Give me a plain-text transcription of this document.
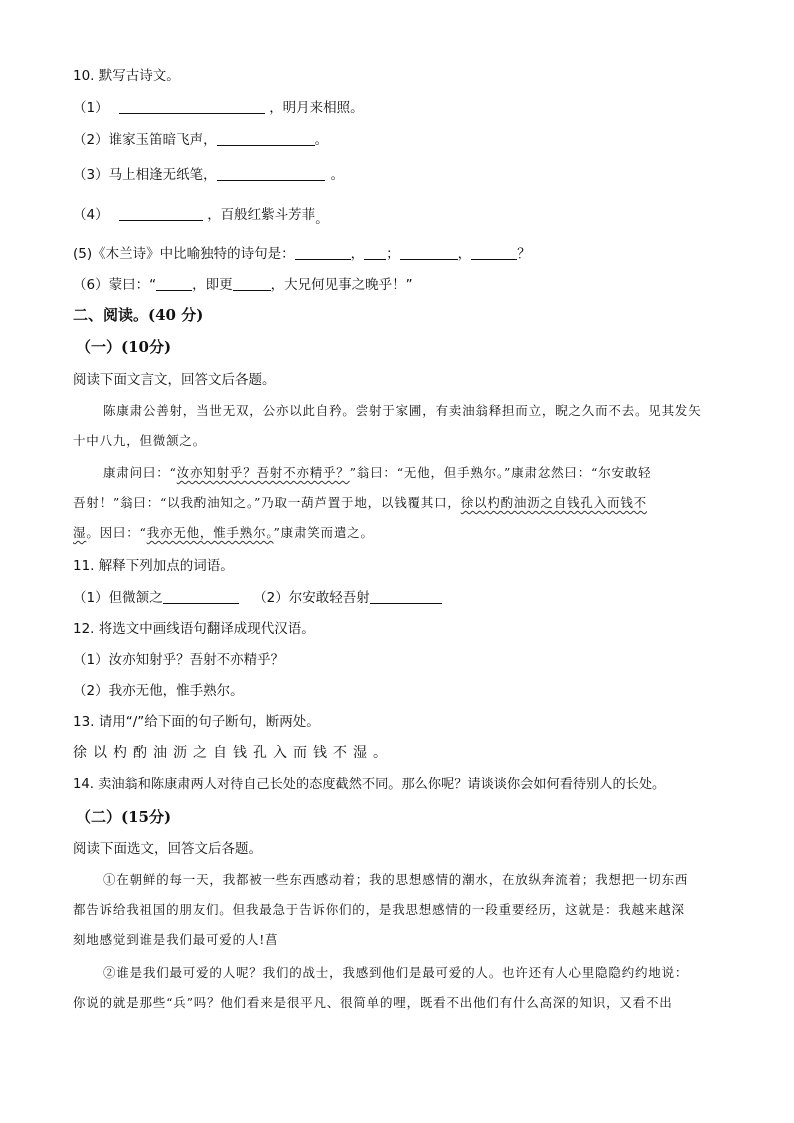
10. 默写古诗文。
（1）	，明月来相照。
（2）谁家玉笛暗飞声，	。
（3）马上相逢无纸笔，	。
（4）	，百般红紫斗芳菲。
(5)《木兰诗》中比喻独特的诗句是：	， ；	，	？
（6）蒙曰：“	，即更	，大兄何见事之晚乎！”
二、阅读。(40 分)
（一）(10分)
阅读下面文言文，回答文后各题。
陈康肃公善射，当世无双，公亦以此自矜。尝射于家圃，有卖油翁释担而立，睨之久而不去。见其发矢
十中八九，但微颔之。
康肃问曰：“汝亦知射乎？吾射不亦精乎？”翁曰：“无他，但手熟尔。”康肃忿然曰：“尔安敢轻
吾射！”翁曰：“以我酌油知之。”乃取一葫芦置于地，以钱覆其口，徐以杓酌油沥之自钱孔入而钱不
湿。因曰：“我亦无他，惟手熟尔。”康肃笑而遣之。
11. 解释下列加点的词语。
（1）但微颔之	（2）尔安敢轻吾射
12. 将选文中画线语句翻译成现代汉语。
（1）汝亦知射乎？吾射不亦精乎？
（2）我亦无他，惟手熟尔。
13. 请用“/”给下面的句子断句，断两处。
徐以杓酌油沥之自钱孔入而钱不湿。
14. 卖油翁和陈康肃两人对待自己长处的态度截然不同。那么你呢？请谈谈你会如何看待别人的长处。
（二）(15分)
阅读下面选文，回答文后各题。
①在朝鲜的每一天，我都被一些东西感动着；我的思想感情的潮水，在放纵奔流着；我想把一切东西
都告诉给我祖国的朋友们。但我最急于告诉你们的，是我思想感情的一段重要经历，这就是：我越来越深
刻地感觉到谁是我们最可爱的人!菖
②谁是我们最可爱的人呢？我们的战士，我感到他们是最可爱的人。也许还有人心里隐隐约约地说：
你说的就是那些“兵”吗？他们看来是很平凡、很简单的哩，既看不出他们有什么高深的知识，又看不出
